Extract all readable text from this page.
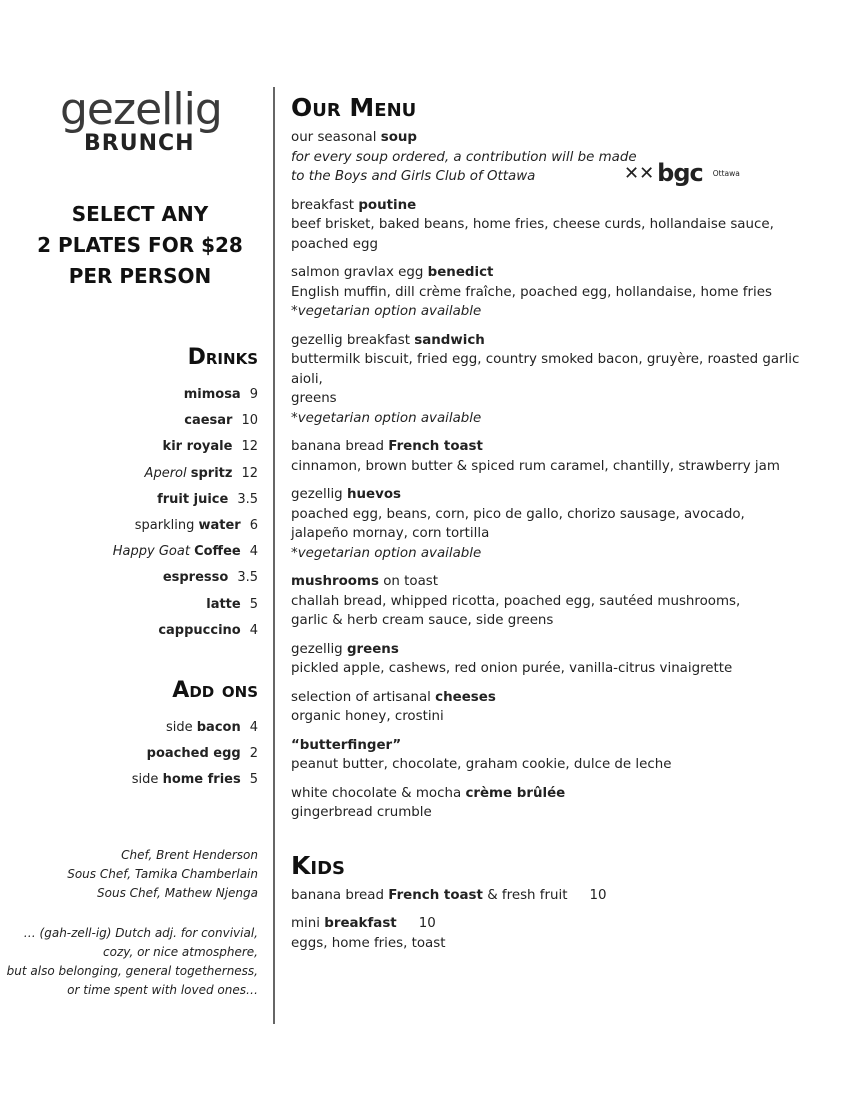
gezellig
BRUNCH
SELECT ANY
2 PLATES FOR $28
PER PERSON
Drinks
mimosa 9
caesar 10
kir royale 12
Aperol spritz 12
fruit juice 3.5
sparkling water 6
Happy Goat Coffee 4
espresso 3.5
latte 5
cappuccino 4
Add ons
side bacon 4
poached egg 2
side home fries 5
Chef, Brent Henderson
Sous Chef, Tamika Chamberlain
Sous Chef, Mathew Njenga
… (gah-zell-ig) Dutch adj. for convivial,
cozy, or nice atmosphere,
but also belonging, general togetherness,
or time spent with loved ones…
✕✕ bgc Ottawa
Our Menu
our seasonal soup
for every soup ordered, a contribution will be made
to the Boys and Girls Club of Ottawa
breakfast poutine
beef brisket, baked beans, home fries, cheese curds, hollandaise sauce, poached egg
salmon gravlax egg benedict
English muffin, dill crème fraîche, poached egg, hollandaise, home fries
*vegetarian option available
gezellig breakfast sandwich
buttermilk biscuit, fried egg, country smoked bacon, gruyère, roasted garlic aioli,
greens
*vegetarian option available
banana bread French toast
cinnamon, brown butter & spiced rum caramel, chantilly, strawberry jam
gezellig huevos
poached egg, beans, corn, pico de gallo, chorizo sausage, avocado,
jalapeño mornay, corn tortilla
*vegetarian option available
mushrooms on toast
challah bread, whipped ricotta, poached egg, sautéed mushrooms,
garlic & herb cream sauce, side greens
gezellig greens
pickled apple, cashews, red onion purée, vanilla-citrus vinaigrette
selection of artisanal cheeses
organic honey, crostini
“butterfinger”
peanut butter, chocolate, graham cookie, dulce de leche
white chocolate & mocha crème brûlée
gingerbread crumble
Kids
banana bread French toast & fresh fruit 10
mini breakfast 10
eggs, home fries, toast
